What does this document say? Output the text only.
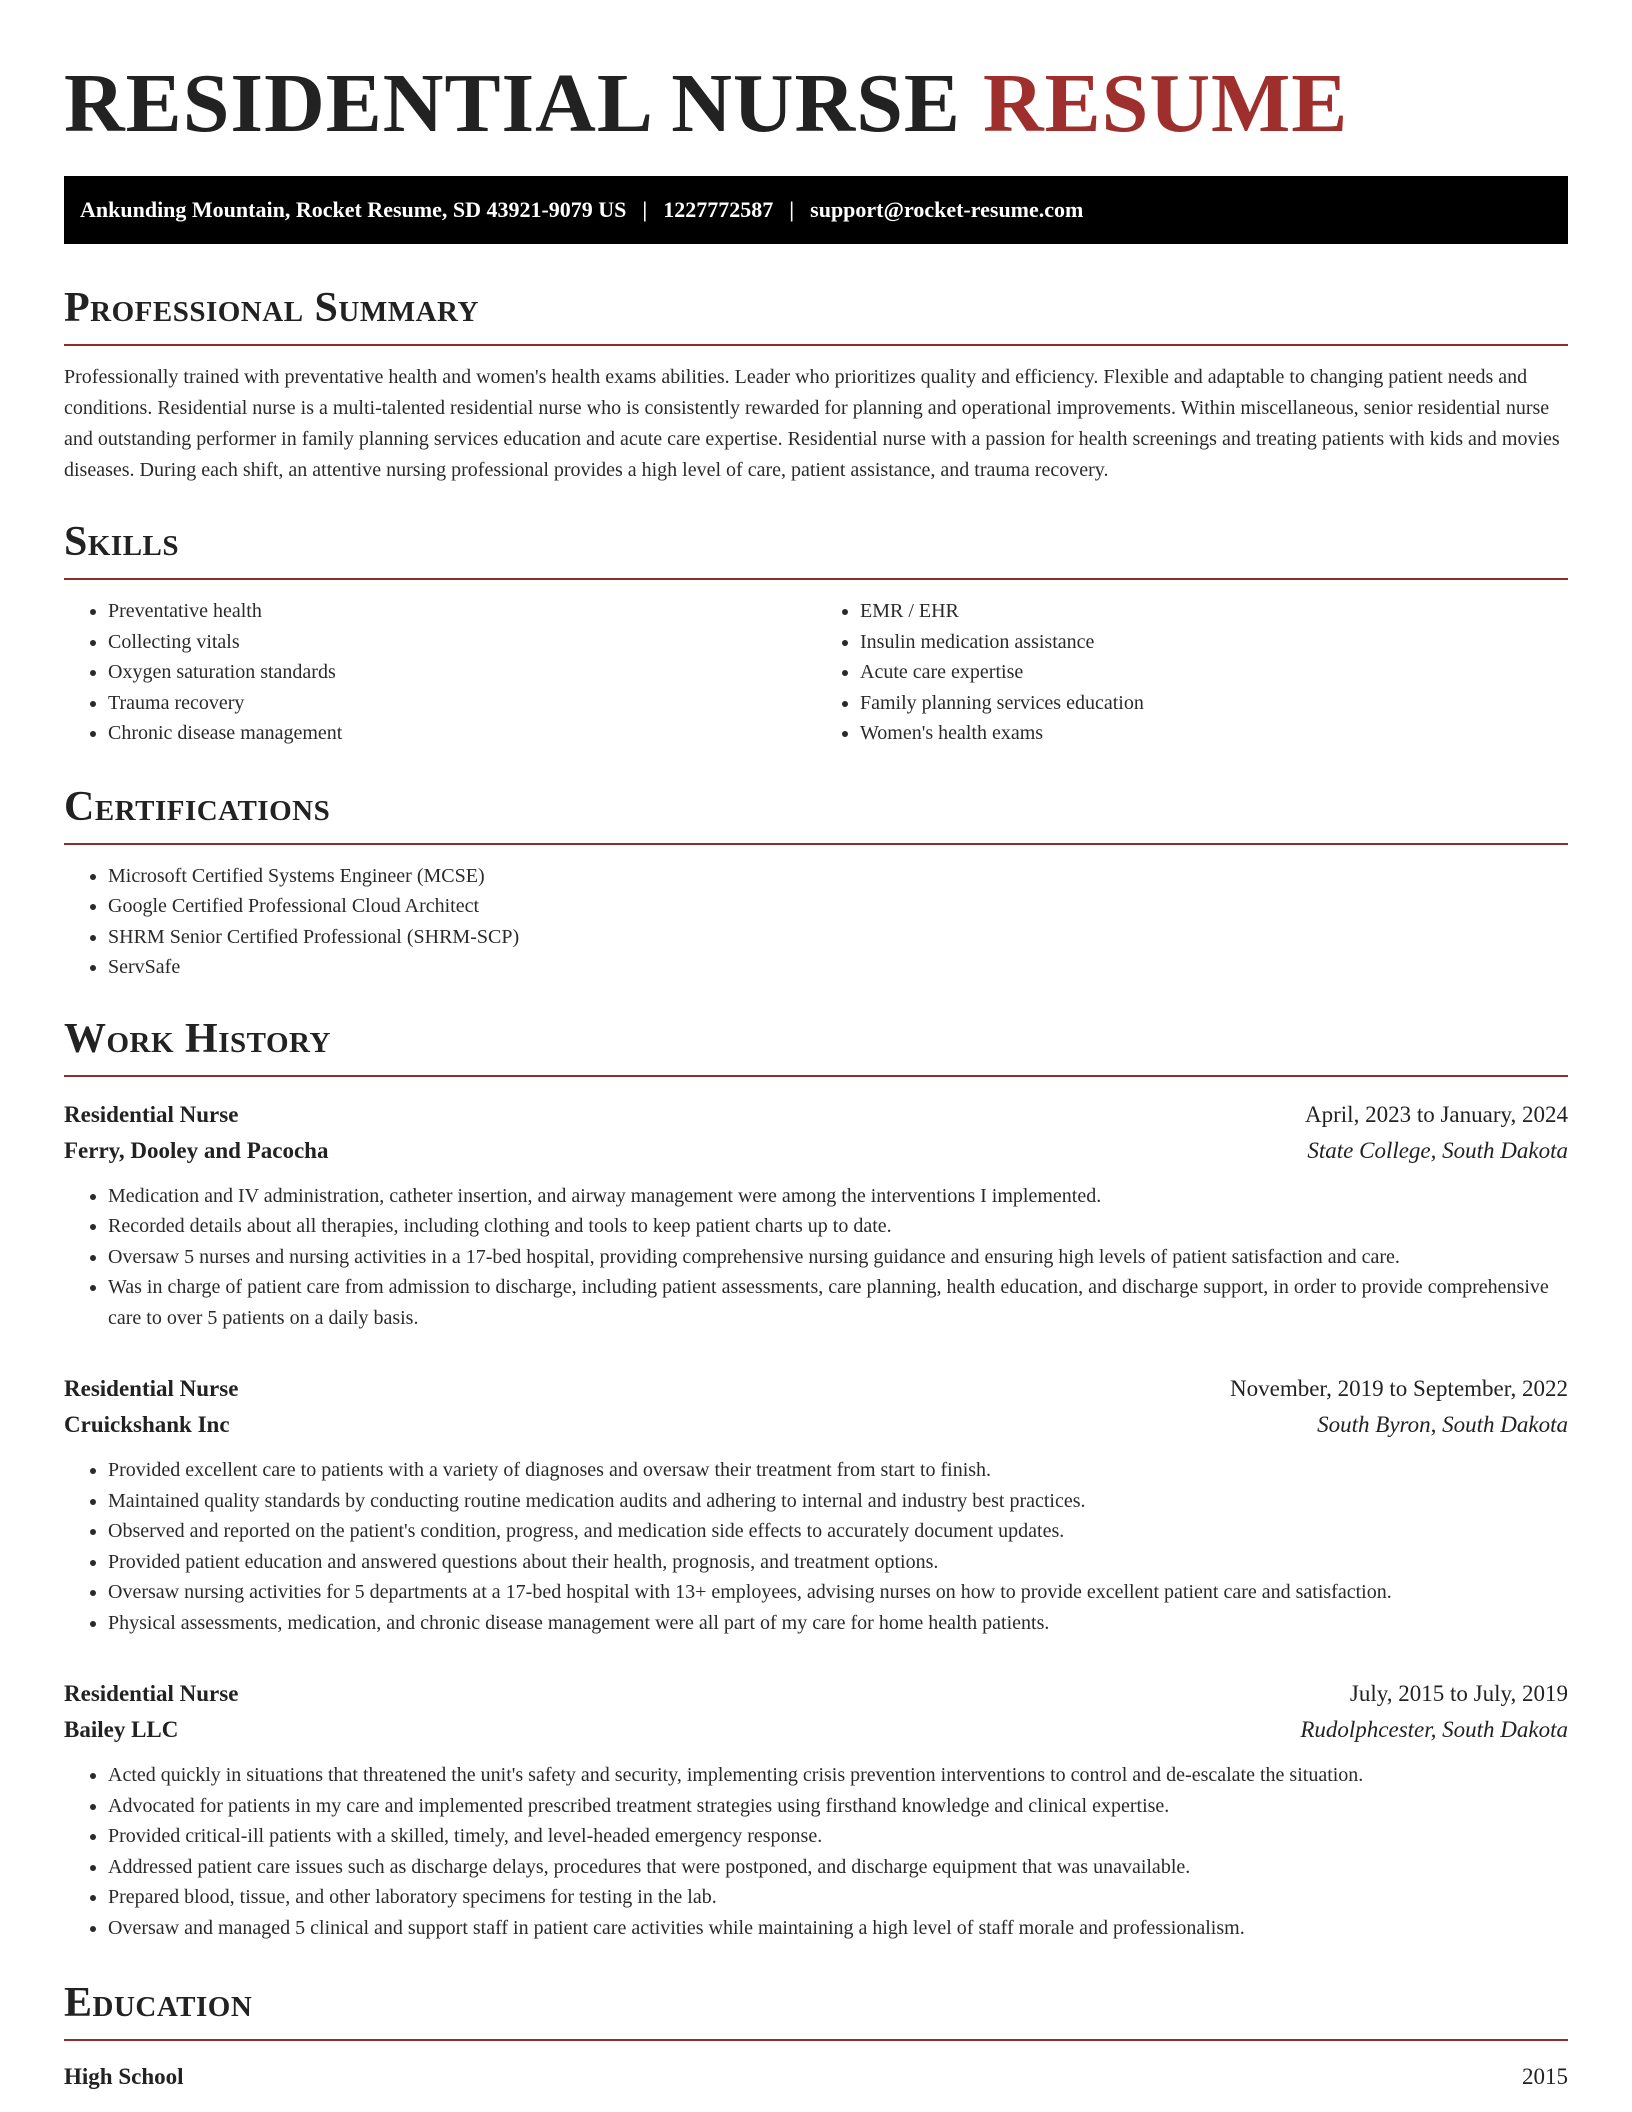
RESIDENTIAL NURSE RESUME
Ankunding Mountain, Rocket Resume, SD 43921-9079 US | 1227772587 | support@rocket-resume.com
Professional Summary

Professionally trained with preventative health and women's health exams abilities. Leader who prioritizes quality and efficiency. Flexible and adaptable to changing patient needs and conditions. Residential nurse is a multi-talented residential nurse who is consistently rewarded for planning and operational improvements. Within miscellaneous, senior residential nurse and outstanding performer in family planning services education and acute care expertise. Residential nurse with a passion for health screenings and treating patients with kids and movies diseases. During each shift, an attentive nursing professional provides a high level of care, patient assistance, and trauma recovery.

Skills
• Preventative health
• Collecting vitals
• Oxygen saturation standards
• Trauma recovery
• Chronic disease management
• EMR / EHR
• Insulin medication assistance
• Acute care expertise
• Family planning services education
• Women's health exams
Certifications
• Microsoft Certified Systems Engineer (MCSE)
• Google Certified Professional Cloud Architect
• SHRM Senior Certified Professional (SHRM-SCP)
• ServSafe
Work History
Residential Nurse	April, 2023 to January, 2024
Ferry, Dooley and Pacocha	State College, South Dakota
• Medication and IV administration, catheter insertion, and airway management were among the interventions I implemented.
• Recorded details about all therapies, including clothing and tools to keep patient charts up to date.
• Oversaw 5 nurses and nursing activities in a 17-bed hospital, providing comprehensive nursing guidance and ensuring high levels of patient satisfaction and care.
• Was in charge of patient care from admission to discharge, including patient assessments, care planning, health education, and discharge support, in order to provide comprehensive care to over 5 patients on a daily basis.
Residential Nurse	November, 2019 to September, 2022
Cruickshank Inc	South Byron, South Dakota
• Provided excellent care to patients with a variety of diagnoses and oversaw their treatment from start to finish.
• Maintained quality standards by conducting routine medication audits and adhering to internal and industry best practices.
• Observed and reported on the patient's condition, progress, and medication side effects to accurately document updates.
• Provided patient education and answered questions about their health, prognosis, and treatment options.
• Oversaw nursing activities for 5 departments at a 17-bed hospital with 13+ employees, advising nurses on how to provide excellent patient care and satisfaction.
• Physical assessments, medication, and chronic disease management were all part of my care for home health patients.
Residential Nurse	July, 2015 to July, 2019
Bailey LLC	Rudolphcester, South Dakota
• Acted quickly in situations that threatened the unit's safety and security, implementing crisis prevention interventions to control and de-escalate the situation.
• Advocated for patients in my care and implemented prescribed treatment strategies using firsthand knowledge and clinical expertise.
• Provided critical-ill patients with a skilled, timely, and level-headed emergency response.
• Addressed patient care issues such as discharge delays, procedures that were postponed, and discharge equipment that was unavailable.
• Prepared blood, tissue, and other laboratory specimens for testing in the lab.
• Oversaw and managed 5 clinical and support staff in patient care activities while maintaining a high level of staff morale and professionalism.
Education
High School	2015
